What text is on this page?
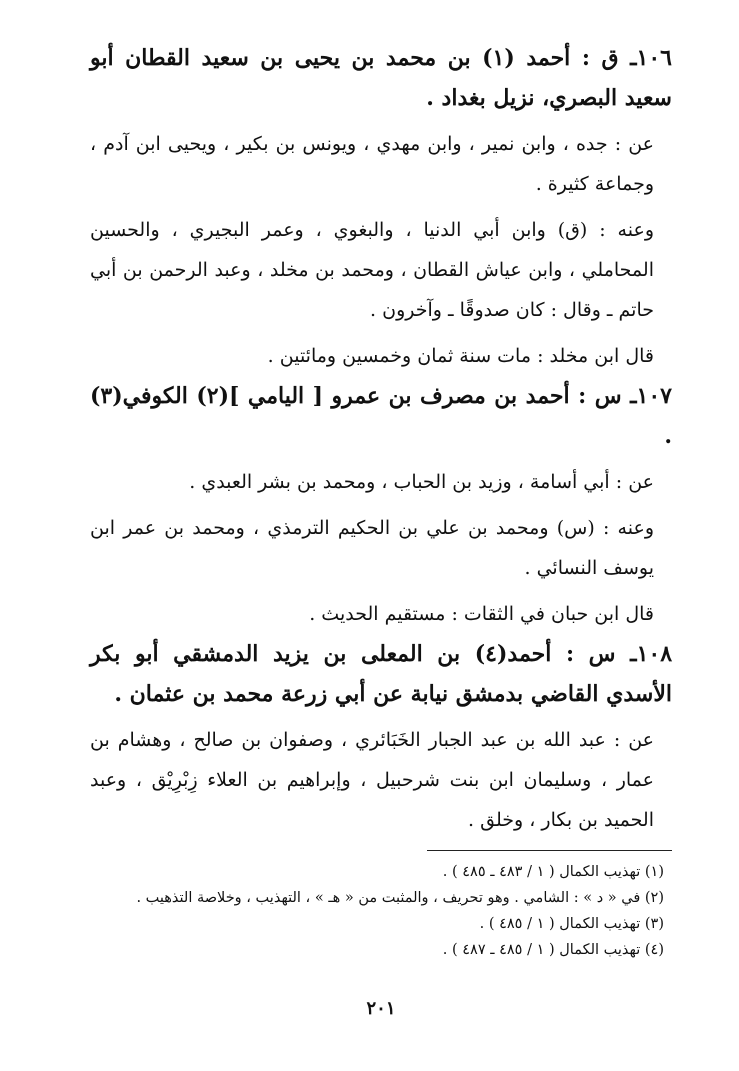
١٠٦ـ ق : أحمد (١) بن محمد بن يحيى بن سعيد القطان أبو سعيد البصري، نزيل بغداد .

عن : جده ، وابن نمير ، وابن مهدي ، ويونس بن بكير ، ويحيى ابن آدم ، وجماعة كثيرة .

وعنه : (ق) وابن أبي الدنيا ، والبغوي ، وعمر البجيري ، والحسين المحاملي ، وابن عياش القطان ، ومحمد بن مخلد ، وعبد الرحمن بن أبي حاتم ـ وقال : كان صدوقًا ـ وآخرون .

قال ابن مخلد : مات سنة ثمان وخمسين ومائتين .

١٠٧ـ س : أحمد بن مصرف بن عمرو [ اليامي ](٢) الكوفي(٣) .

عن : أبي أسامة ، وزيد بن الحباب ، ومحمد بن بشر العبدي .

وعنه : (س) ومحمد بن علي بن الحكيم الترمذي ، ومحمد بن عمر ابن يوسف النسائي .

قال ابن حبان في الثقات : مستقيم الحديث .

١٠٨ـ س : أحمد(٤) بن المعلى بن يزيد الدمشقي أبو بكر الأسدي القاضي بدمشق نيابة عن أبي زرعة محمد بن عثمان .

عن : عبد الله بن عبد الجبار الخَبَائري ، وصفوان بن صالح ، وهشام بن عمار ، وسليمان ابن بنت شرحبيل ، وإبراهيم بن العلاء زِبْرِيْق ، وعبد الحميد بن بكار ، وخلق .

(١) تهذيب الكمال ( ١ / ٤٨٣ ـ ٤٨٥ ) .

(٢) في « د » : الشامي . وهو تحريف ، والمثبت من « هـ » ، التهذيب ، وخلاصة التذهيب .

(٣) تهذيب الكمال ( ١ / ٤٨٥ ) .

(٤) تهذيب الكمال ( ١ / ٤٨٥ ـ ٤٨٧ ) .

٢٠١
